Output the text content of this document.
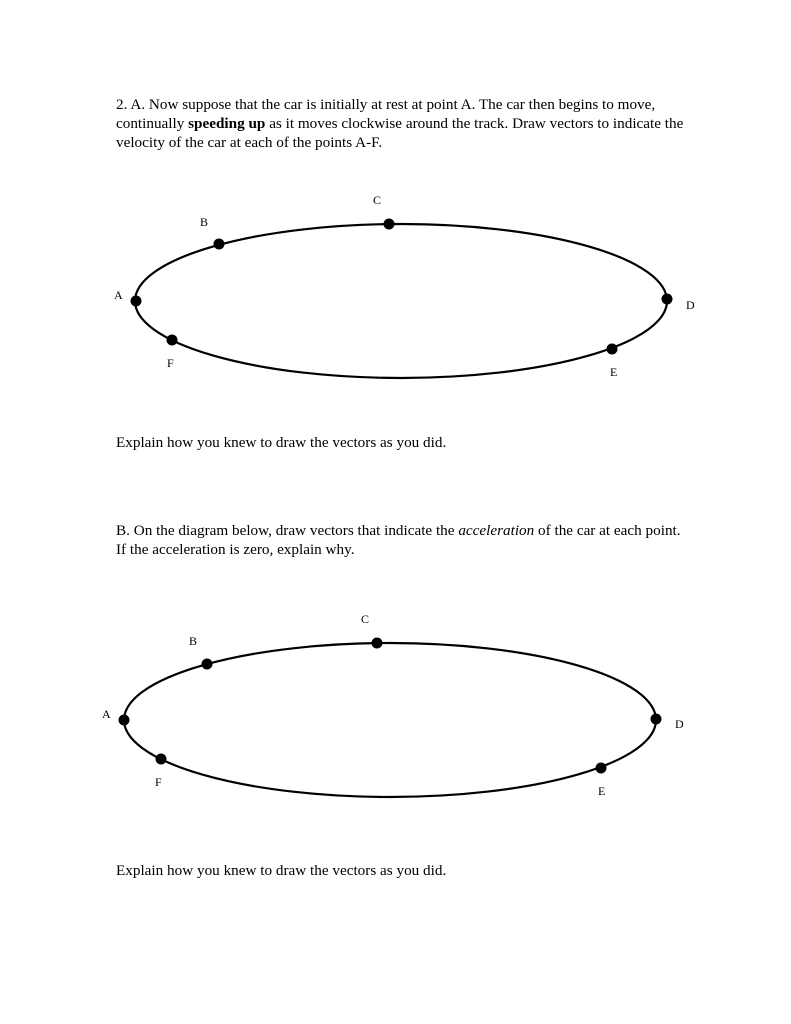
2. A. Now suppose that the car is initially at rest at point A. The car then begins to move, continually speeding up as it moves clockwise around the track. Draw vectors to indicate the velocity of the car at each of the points A-F.
A
B
C
D
E
F
A
B
C
D
E
F
Explain how you knew to draw the vectors as you did.
B. On the diagram below, draw vectors that indicate the acceleration of the car at each point. If the acceleration is zero, explain why.
Explain how you knew to draw the vectors as you did.
